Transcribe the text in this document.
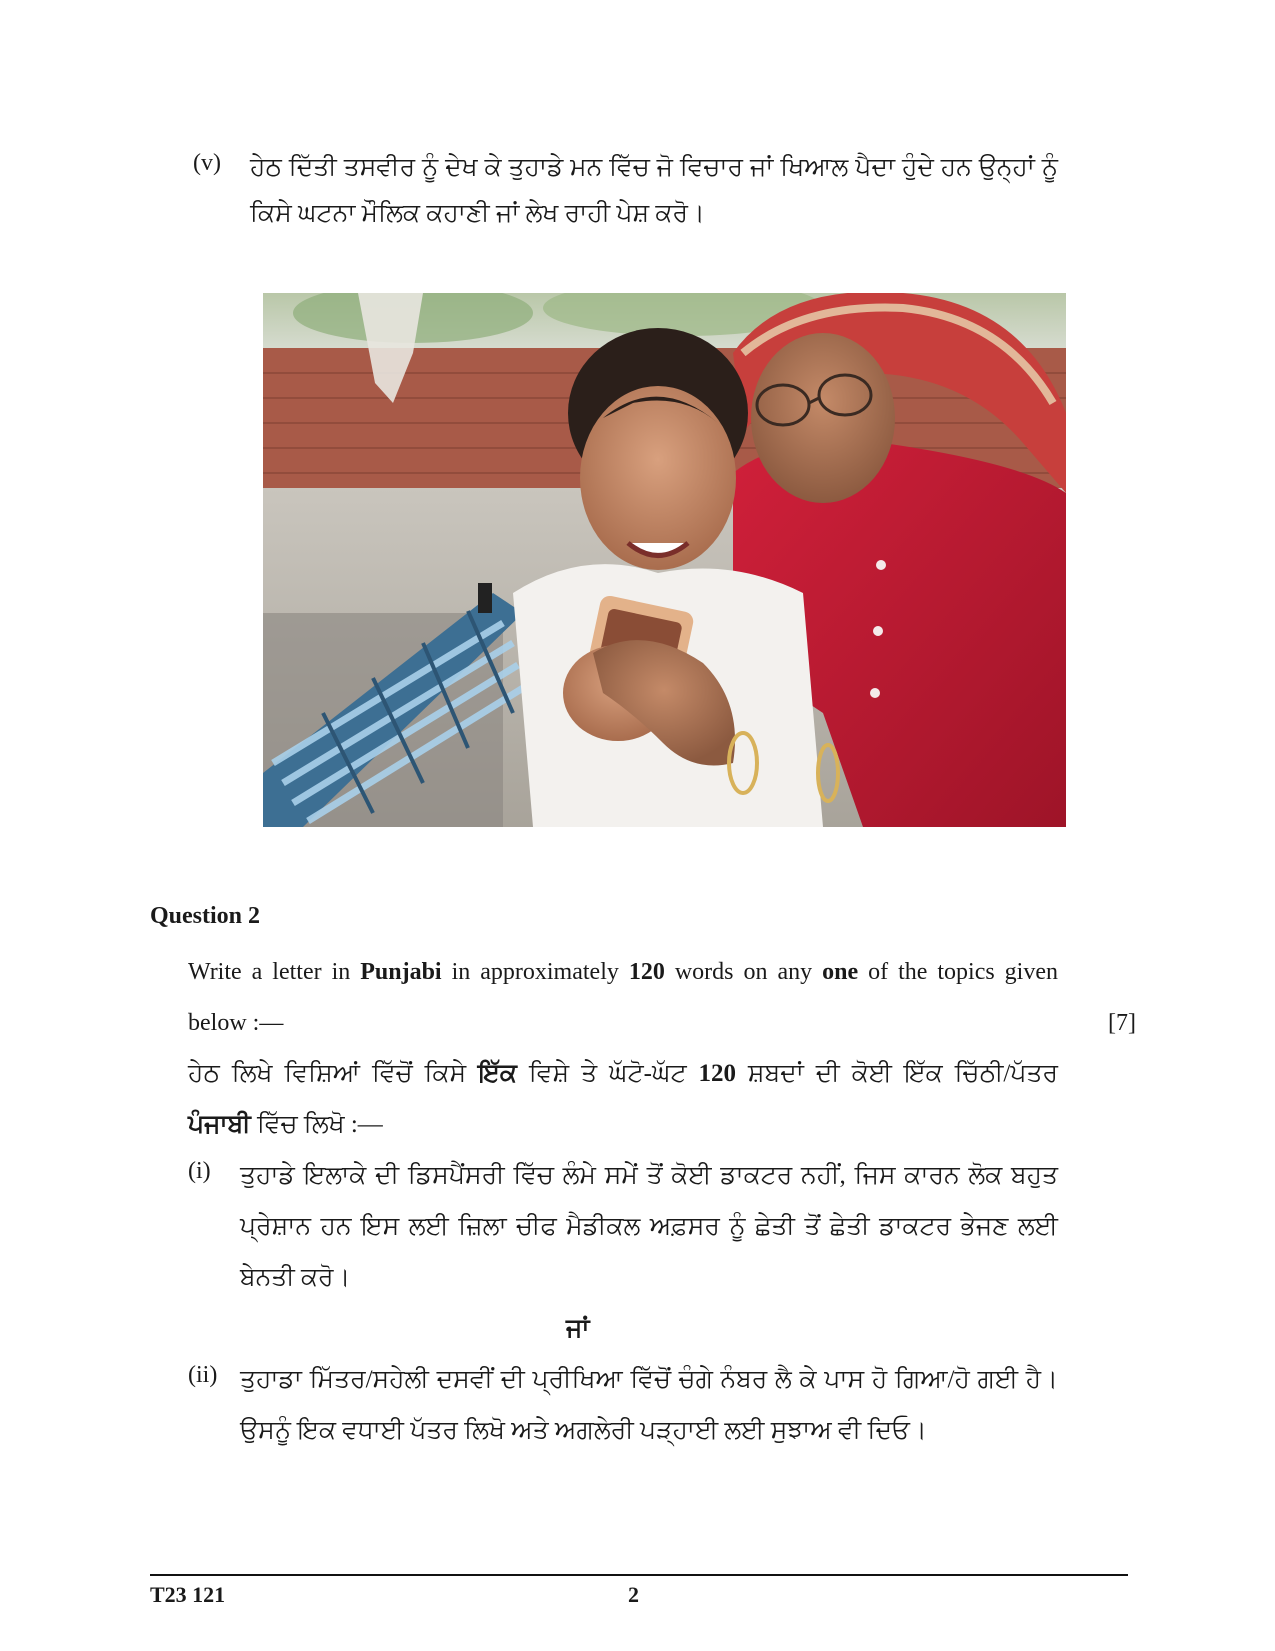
(v) ਹੇਠ ਦਿੱਤੀ ਤਸਵੀਰ ਨੂੰ ਦੇਖ ਕੇ ਤੁਹਾਡੇ ਮਨ ਵਿੱਚ ਜੋ ਵਿਚਾਰ ਜਾਂ ਖਿਆਲ ਪੈਦਾ ਹੁੰਦੇ ਹਨ ਉਨ੍ਹਾਂ ਨੂੰ
ਕਿਸੇ ਘਟਨਾ ਮੌਲਿਕ ਕਹਾਣੀ ਜਾਂ ਲੇਖ ਰਾਹੀ ਪੇਸ਼ ਕਰੋ।
Question 2
Write a letter in Punjabi in approximately 120 words on any one of the topics given
below :—	[7]
ਹੇਠ ਲਿਖੇ ਵਿਸ਼ਿਆਂ ਵਿੱਚੋਂ ਕਿਸੇ ਇੱਕ ਵਿਸ਼ੇ ਤੇ ਘੱਟੋ-ਘੱਟ 120 ਸ਼ਬਦਾਂ ਦੀ ਕੋਈ ਇੱਕ ਚਿੱਠੀ/ਪੱਤਰ
ਪੰਜਾਬੀ ਵਿੱਚ ਲਿਖੋ :—
(i) ਤੁਹਾਡੇ ਇਲਾਕੇ ਦੀ ਡਿਸਪੈਂਸਰੀ ਵਿੱਚ ਲੰਮੇ ਸਮੇਂ ਤੋਂ ਕੋਈ ਡਾਕਟਰ ਨਹੀਂ, ਜਿਸ ਕਾਰਨ ਲੋਕ ਬਹੁਤ
ਪ੍ਰੇਸ਼ਾਨ ਹਨ ਇਸ ਲਈ ਜ਼ਿਲਾ ਚੀਫ ਮੈਡੀਕਲ ਅਫ਼ਸਰ ਨੂੰ ਛੇਤੀ ਤੋਂ ਛੇਤੀ ਡਾਕਟਰ ਭੇਜਣ ਲਈ
ਬੇਨਤੀ ਕਰੋ।
ਜਾਂ
(ii) ਤੁਹਾਡਾ ਮਿੱਤਰ/ਸਹੇਲੀ ਦਸਵੀਂ ਦੀ ਪ੍ਰੀਖਿਆ ਵਿੱਚੋਂ ਚੰਗੇ ਨੰਬਰ ਲੈ ਕੇ ਪਾਸ ਹੋ ਗਿਆ/ਹੋ ਗਈ ਹੈ।
ਉਸਨੂੰ ਇਕ ਵਧਾਈ ਪੱਤਰ ਲਿਖੋ ਅਤੇ ਅਗਲੇਰੀ ਪੜ੍ਹਾਈ ਲਈ ਸੁਝਾਅ ਵੀ ਦਿਓ।
T23 121	2
